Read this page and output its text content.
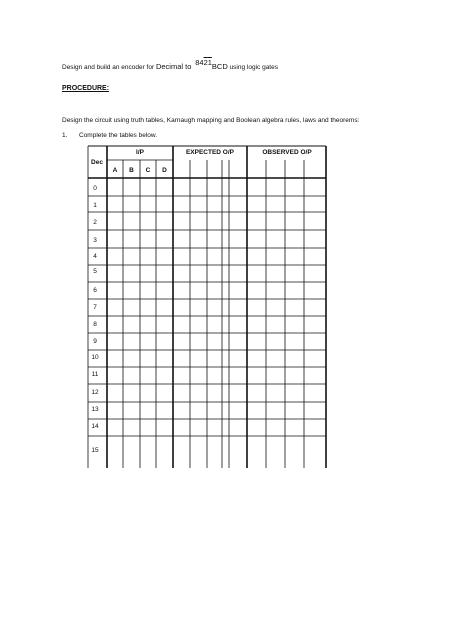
Design and build an encoder for Decimal to 8421BCD using logic gates
PROCEDURE:
Design the circuit using truth tables, Karnaugh mapping and Boolean algebra rules, laws and theorems:
1. Complete the tables below.
Dec
I/P	EXPECTED O/P	OBSERVED O/P
A B C D
0
1
2
3
4
5
6
7
8
9
10
11
12
13
14
15
